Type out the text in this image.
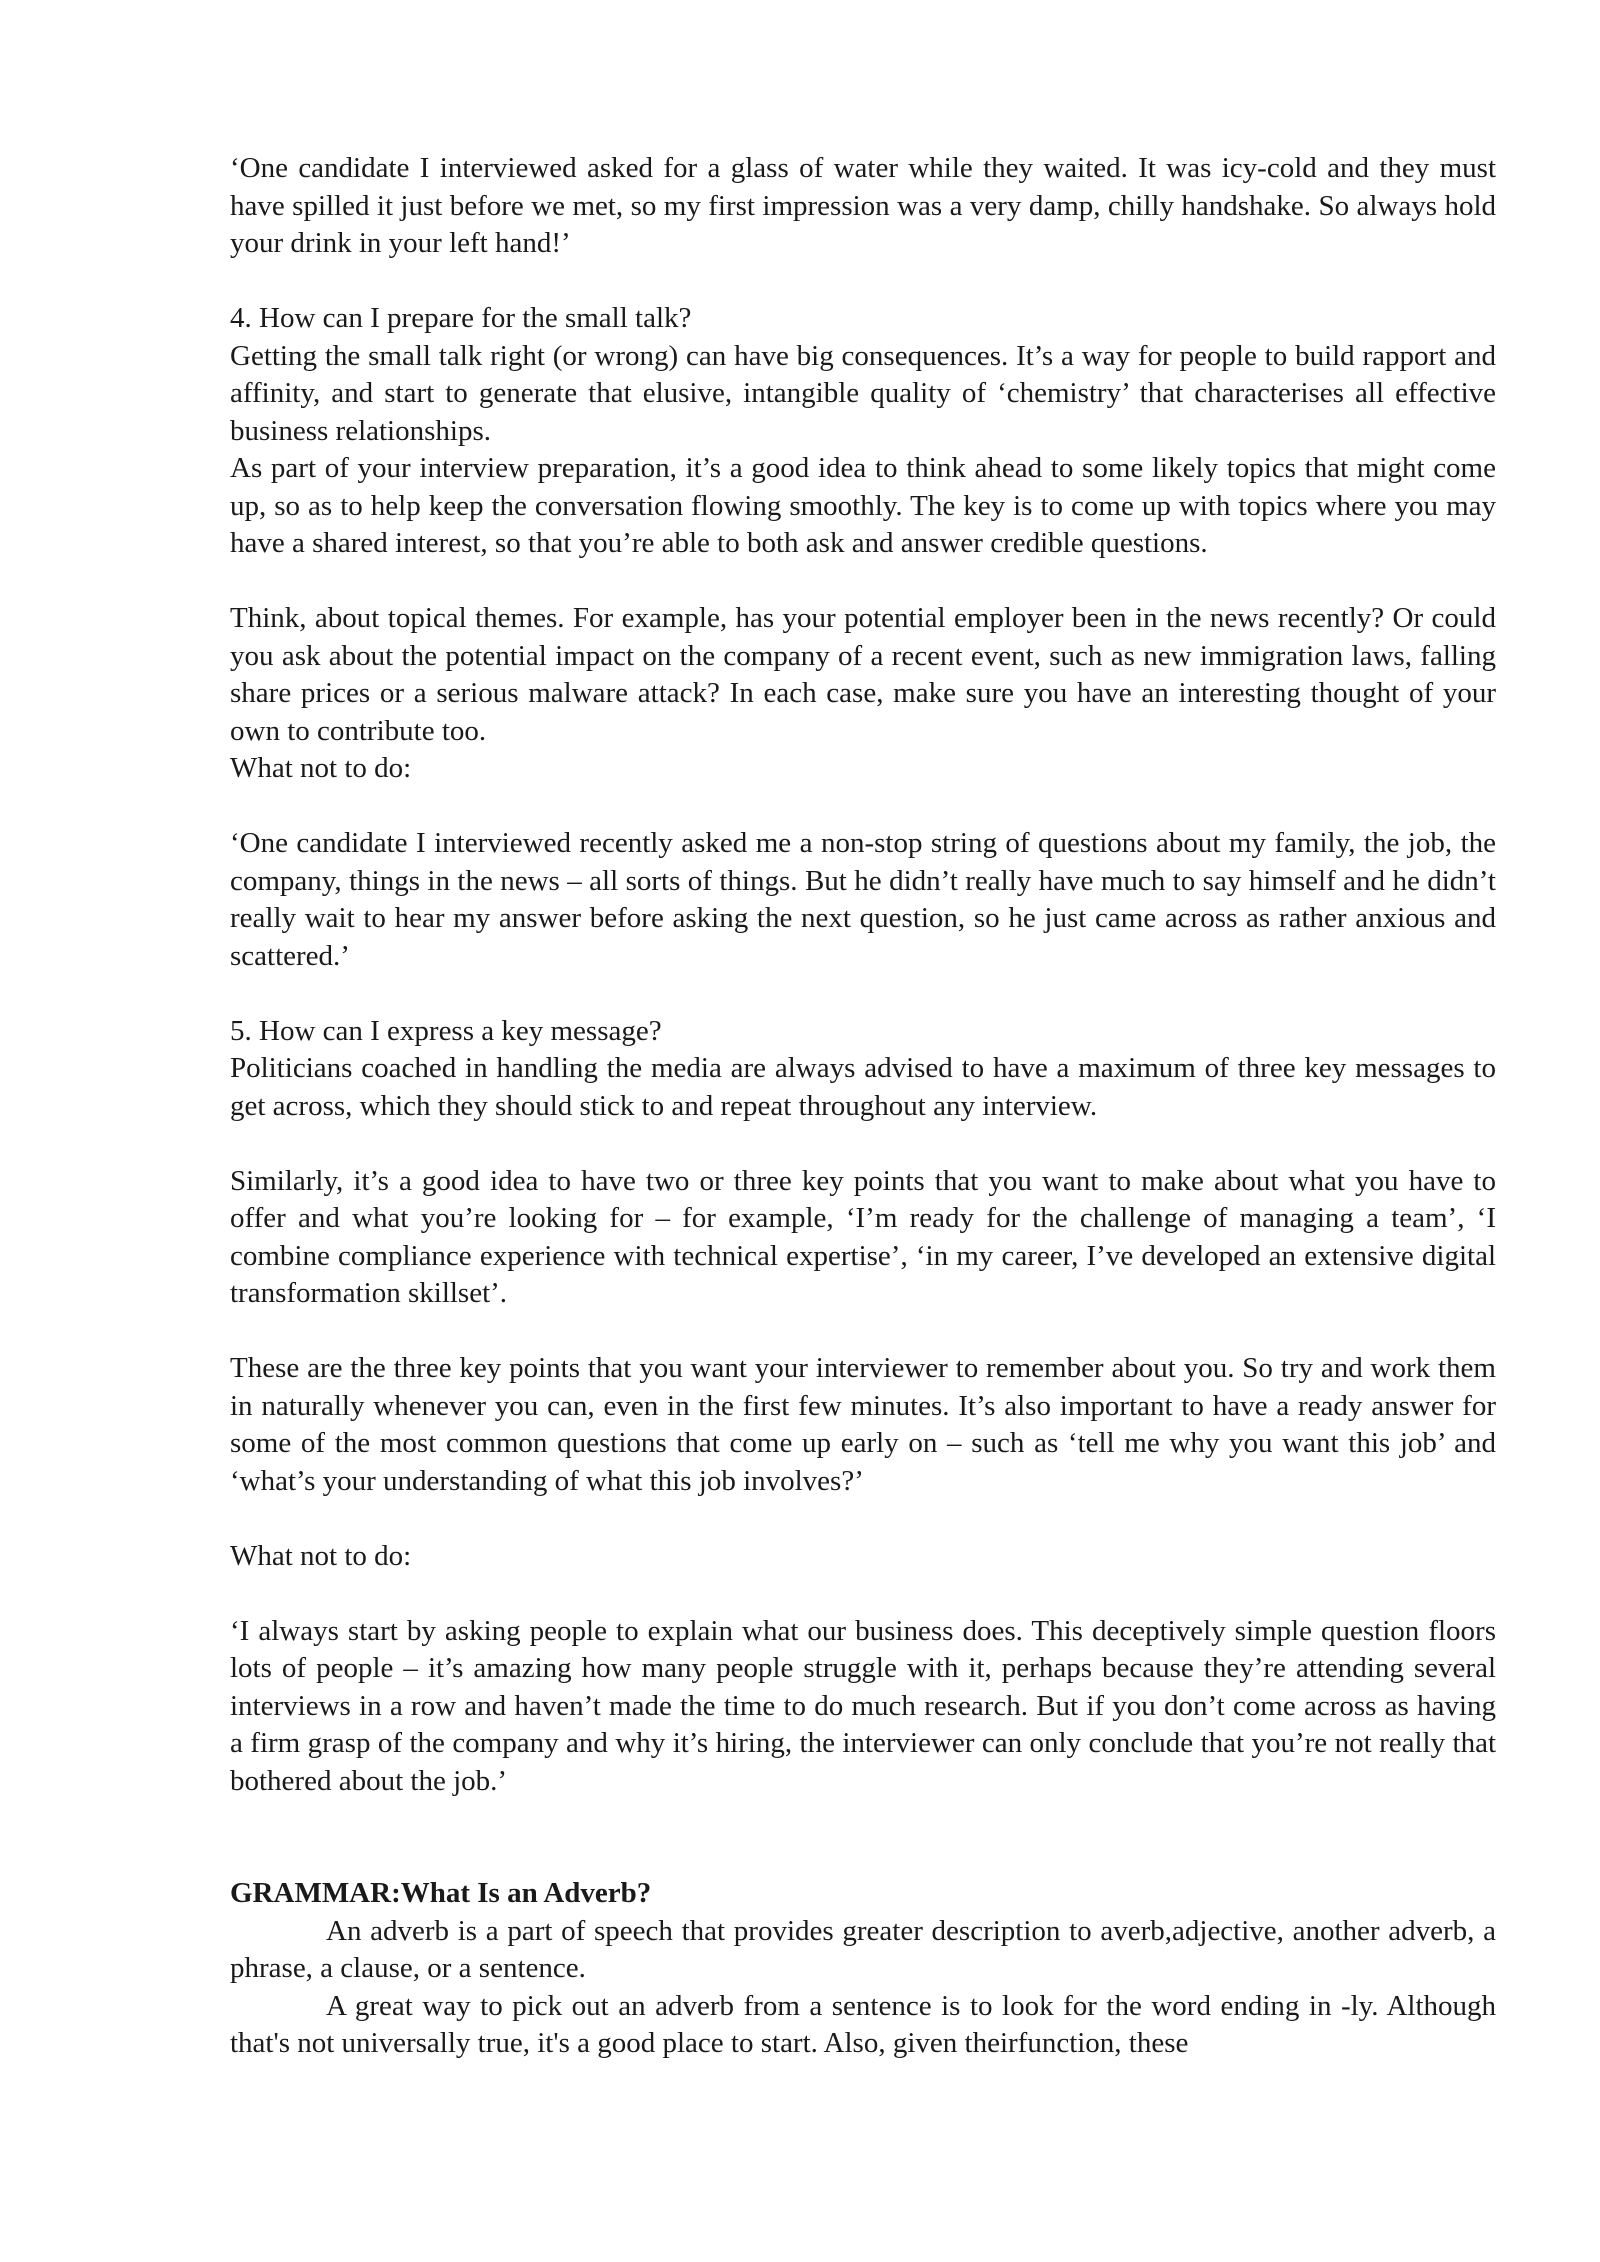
‘One candidate I interviewed asked for a glass of water while they waited. It was icy-cold and they must have spilled it just before we met, so my first impression was a very damp, chilly handshake. So always hold your drink in your left hand!’

4. How can I prepare for the small talk?

Getting the small talk right (or wrong) can have big consequences. It’s a way for people to build rapport and affinity, and start to generate that elusive, intangible quality of ‘chemistry’ that characterises all effective business relationships.

As part of your interview preparation, it’s a good idea to think ahead to some likely topics that might come up, so as to help keep the conversation flowing smoothly. The key is to come up with topics where you may have a shared interest, so that you’re able to both ask and answer credible questions.

Think, about topical themes. For example, has your potential employer been in the news recently? Or could you ask about the potential impact on the company of a recent event, such as new immigration laws, falling share prices or a serious malware attack? In each case, make sure you have an interesting thought of your own to contribute too.

What not to do:

‘One candidate I interviewed recently asked me a non-stop string of questions about my family, the job, the company, things in the news – all sorts of things. But he didn’t really have much to say himself and he didn’t really wait to hear my answer before asking the next question, so he just came across as rather anxious and scattered.’

5. How can I express a key message?

Politicians coached in handling the media are always advised to have a maximum of three key messages to get across, which they should stick to and repeat throughout any interview.

Similarly, it’s a good idea to have two or three key points that you want to make about what you have to offer and what you’re looking for – for example, ‘I’m ready for the challenge of managing a team’, ‘I combine compliance experience with technical expertise’, ‘in my career, I’ve developed an extensive digital transformation skillset’.

These are the three key points that you want your interviewer to remember about you. So try and work them in naturally whenever you can, even in the first few minutes. It’s also important to have a ready answer for some of the most common questions that come up early on – such as ‘tell me why you want this job’ and ‘what’s your understanding of what this job involves?’

What not to do:

‘I always start by asking people to explain what our business does. This deceptively simple question floors lots of people – it’s amazing how many people struggle with it, perhaps because they’re attending several interviews in a row and haven’t made the time to do much research. But if you don’t come across as having a firm grasp of the company and why it’s hiring, the interviewer can only conclude that you’re not really that bothered about the job.’

GRAMMAR:What Is an Adverb?

An adverb is a part of speech that provides greater description to averb,adjective, another adverb, a phrase, a clause, or a sentence.

A great way to pick out an adverb from a sentence is to look for the word ending in -ly. Although that's not universally true, it's a good place to start. Also, given theirfunction, these
